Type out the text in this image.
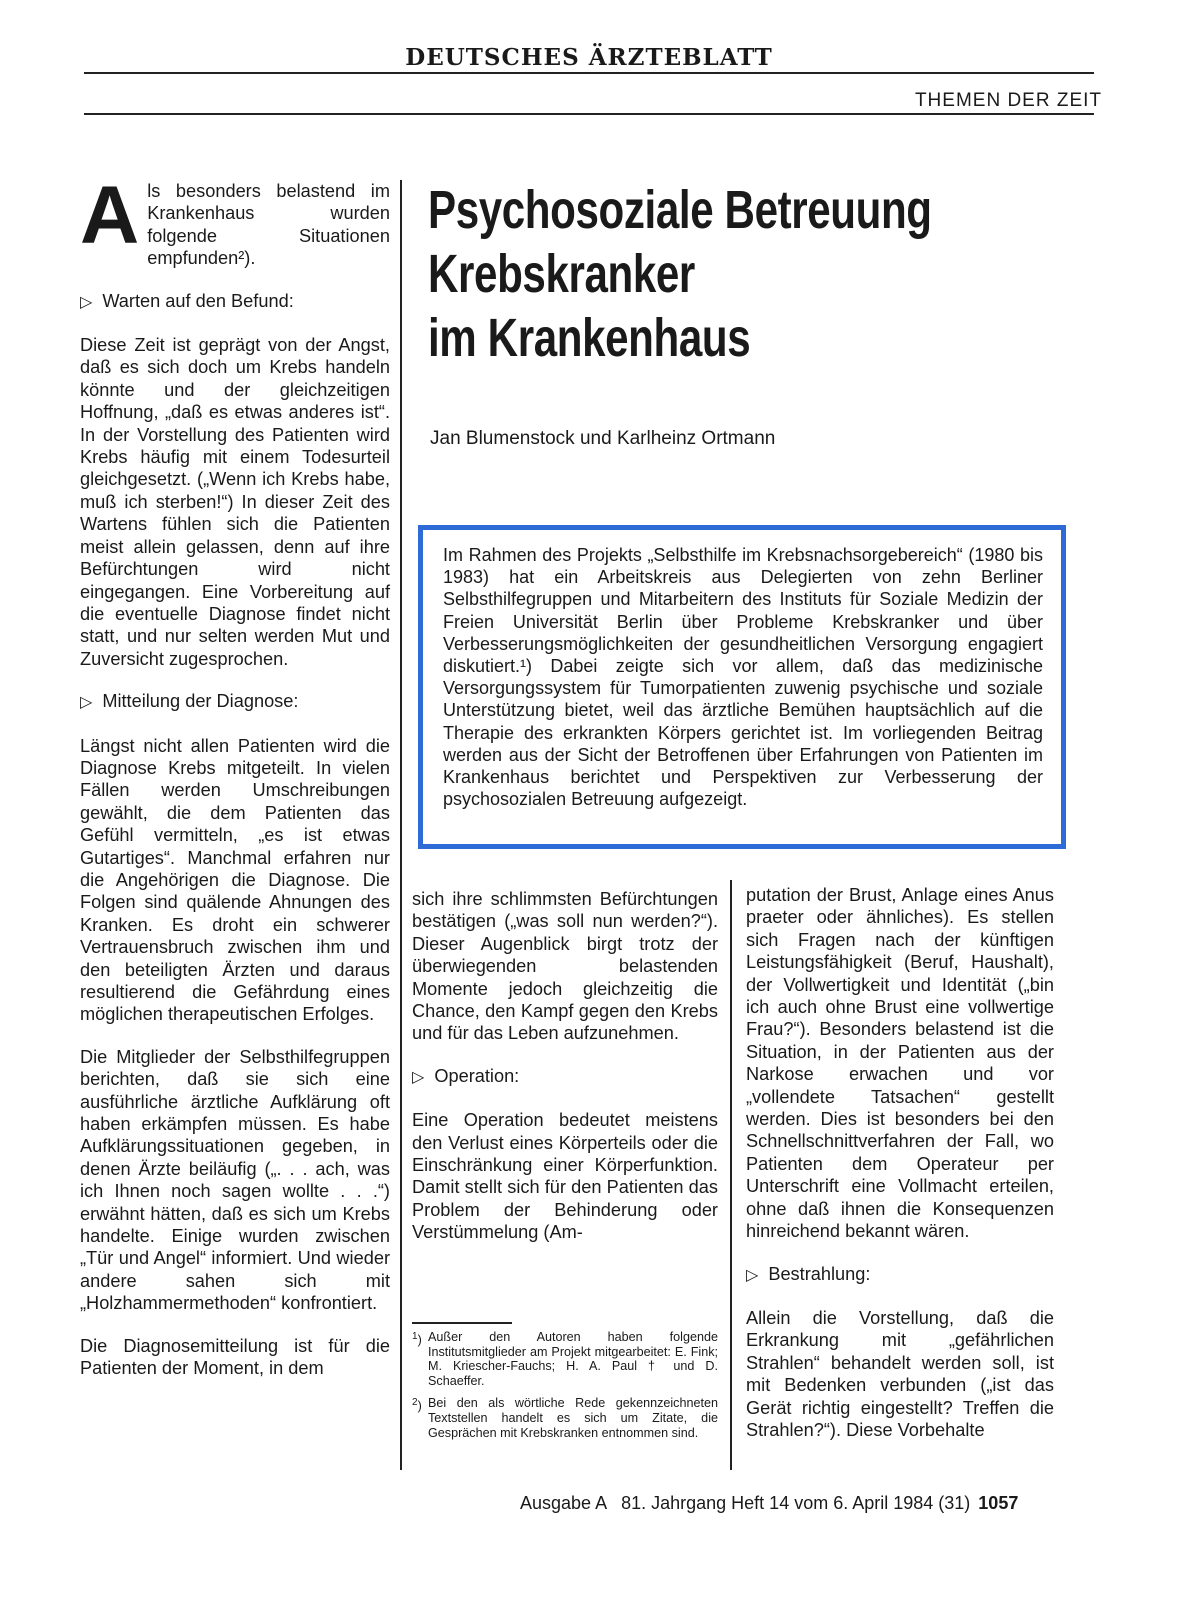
DEUTSCHES ÄRZTEBLATT
THEMEN DER ZEIT

Als besonders belastend im Krankenhaus wurden folgende Situationen empfunden²).

▷ Warten auf den Befund:

Diese Zeit ist geprägt von der Angst, daß es sich doch um Krebs handeln könnte und der gleichzeitigen Hoffnung, „daß es etwas anderes ist“. In der Vorstellung des Patienten wird Krebs häufig mit einem Todesurteil gleichgesetzt. („Wenn ich Krebs habe, muß ich sterben!“) In dieser Zeit des Wartens fühlen sich die Patienten meist allein gelassen, denn auf ihre Befürchtungen wird nicht eingegangen. Eine Vorbereitung auf die eventuelle Diagnose findet nicht statt, und nur selten werden Mut und Zuversicht zugesprochen.

▷ Mitteilung der Diagnose:

Längst nicht allen Patienten wird die Diagnose Krebs mitgeteilt. In vielen Fällen werden Umschreibungen gewählt, die dem Patienten das Gefühl vermitteln, „es ist etwas Gutartiges“. Manchmal erfahren nur die Angehörigen die Diagnose. Die Folgen sind quälende Ahnungen des Kranken. Es droht ein schwerer Vertrauensbruch zwischen ihm und den beteiligten Ärzten und daraus resultierend die Gefährdung eines möglichen therapeutischen Erfolges.

Die Mitglieder der Selbsthilfegruppen berichten, daß sie sich eine ausführliche ärztliche Aufklärung oft haben erkämpfen müssen. Es habe Aufklärungssituationen gegeben, in denen Ärzte beiläufig („. . . ach, was ich Ihnen noch sagen wollte . . .“) erwähnt hätten, daß es sich um Krebs handelte. Einige wurden zwischen „Tür und Angel“ informiert. Und wieder andere sahen sich mit „Holzhammermethoden“ konfrontiert.

Die Diagnosemitteilung ist für die Patienten der Moment, in dem

Psychosoziale Betreuung
Krebskranker
im Krankenhaus
Jan Blumenstock und Karlheinz Ortmann
Im Rahmen des Projekts „Selbsthilfe im Krebsnachsorgebereich“ (1980 bis 1983) hat ein Arbeitskreis aus Delegierten von zehn Berliner Selbsthilfegruppen und Mitarbeitern des Instituts für Soziale Medizin der Freien Universität Berlin über Probleme Krebskranker und über Verbesserungsmöglichkeiten der gesundheitlichen Versorgung engagiert diskutiert.¹) Dabei zeigte sich vor allem, daß das medizinische Versorgungssystem für Tumorpatienten zuwenig psychische und soziale Unterstützung bietet, weil das ärztliche Bemühen hauptsächlich auf die Therapie des erkrankten Körpers gerichtet ist. Im vorliegenden Beitrag werden aus der Sicht der Betroffenen über Erfahrungen von Patienten im Krankenhaus berichtet und Perspektiven zur Verbesserung der psychosozialen Betreuung aufgezeigt.

sich ihre schlimmsten Befürchtungen bestätigen („was soll nun werden?“). Dieser Augenblick birgt trotz der überwiegenden belastenden Momente jedoch gleichzeitig die Chance, den Kampf gegen den Krebs und für das Leben aufzunehmen.

▷ Operation:

Eine Operation bedeutet meistens den Verlust eines Körperteils oder die Einschränkung einer Körperfunktion. Damit stellt sich für den Patienten das Problem der Behinderung oder Verstümmelung (Am-

$^1$) Außer den Autoren haben folgende Institutsmitglieder am Projekt mitgearbeitet: E. Fink; M. Kriescher-Fauchs; H. A. Paul † und D. Schaeffer.
$^2$) Bei den als wörtliche Rede gekennzeichneten Textstellen handelt es sich um Zitate, die Gesprächen mit Krebskranken entnommen sind.

putation der Brust, Anlage eines Anus praeter oder ähnliches). Es stellen sich Fragen nach der künftigen Leistungsfähigkeit (Beruf, Haushalt), der Vollwertigkeit und Identität („bin ich auch ohne Brust eine vollwertige Frau?“). Besonders belastend ist die Situation, in der Patienten aus der Narkose erwachen und vor „vollendete Tatsachen“ gestellt werden. Dies ist besonders bei den Schnellschnittverfahren der Fall, wo Patienten dem Operateur per Unterschrift eine Vollmacht erteilen, ohne daß ihnen die Konsequenzen hinreichend bekannt wären.

▷ Bestrahlung:

Allein die Vorstellung, daß die Erkrankung mit „gefährlichen Strahlen“ behandelt werden soll, ist mit Bedenken verbunden („ist das Gerät richtig eingestellt? Treffen die Strahlen?“). Diese Vorbehalte

Ausgabe A   81. Jahrgang Heft 14 vom 6. April 1984 (31) 1057
